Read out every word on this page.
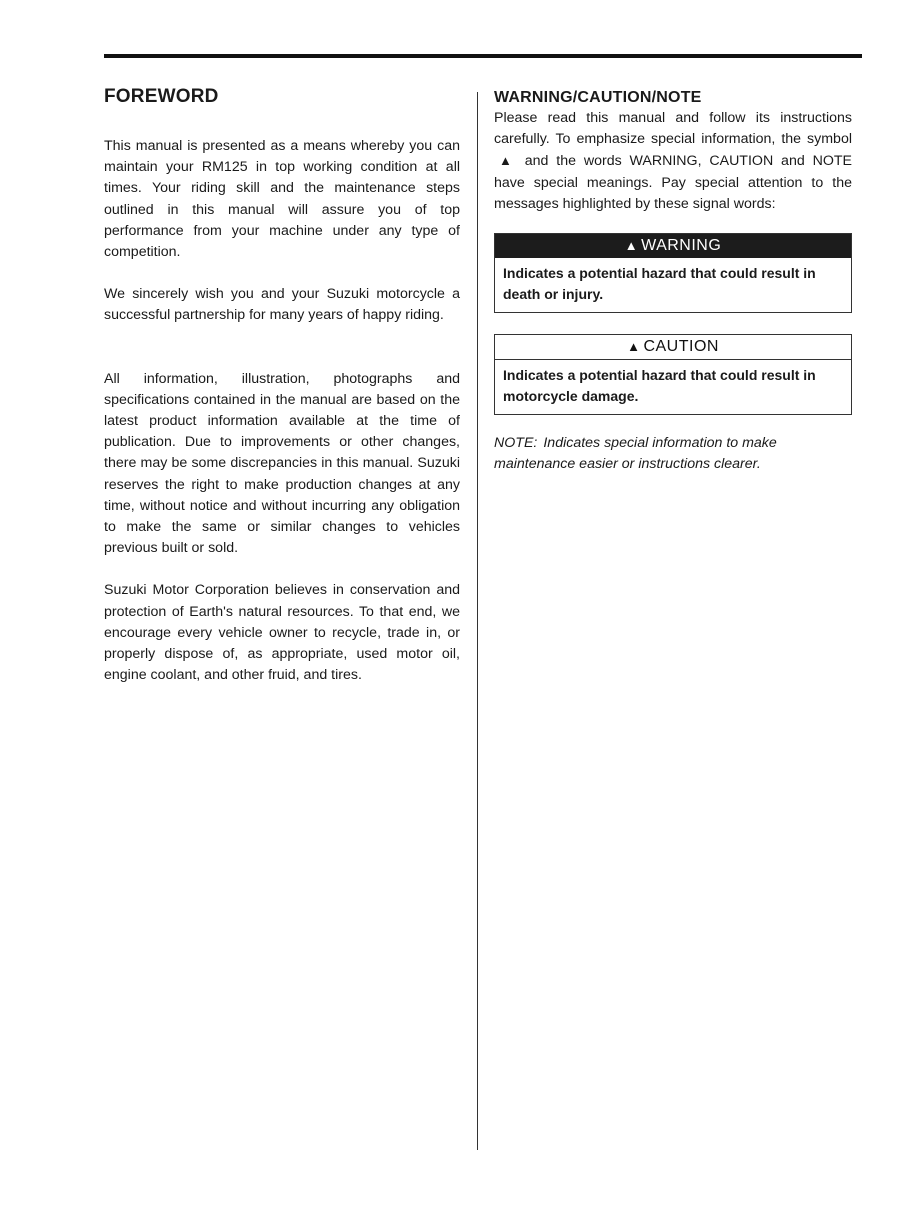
FOREWORD

This manual is presented as a means whereby you can maintain your RM125 in top working condition at all times. Your riding skill and the maintenance steps outlined in this manual will assure you of top performance from your machine under any type of competition.

We sincerely wish you and your Suzuki motorcycle a successful partnership for many years of happy riding.

All information, illustration, photographs and specifications contained in the manual are based on the latest product information available at the time of publication. Due to improvements or other changes, there may be some discrepancies in this manual. Suzuki reserves the right to make production changes at any time, without notice and without incurring any obligation to make the same or similar changes to vehicles previous built or sold.

Suzuki Motor Corporation believes in conservation and protection of Earth's natural resources. To that end, we encourage every vehicle owner to recycle, trade in, or properly dispose of, as appropriate, used motor oil, engine coolant, and other fruid, and tires.

WARNING/CAUTION/NOTE

Please read this manual and follow its instructions carefully. To emphasize special information, the symbol ▲ and the words WARNING, CAUTION and NOTE have special meanings. Pay special attention to the messages highlighted by these signal words:

▲ WARNING
Indicates a potential hazard that could result in death or injury.
▲ CAUTION
Indicates a potential hazard that could result in motorcycle damage.

NOTE: Indicates special information to make maintenance easier or instructions clearer.
